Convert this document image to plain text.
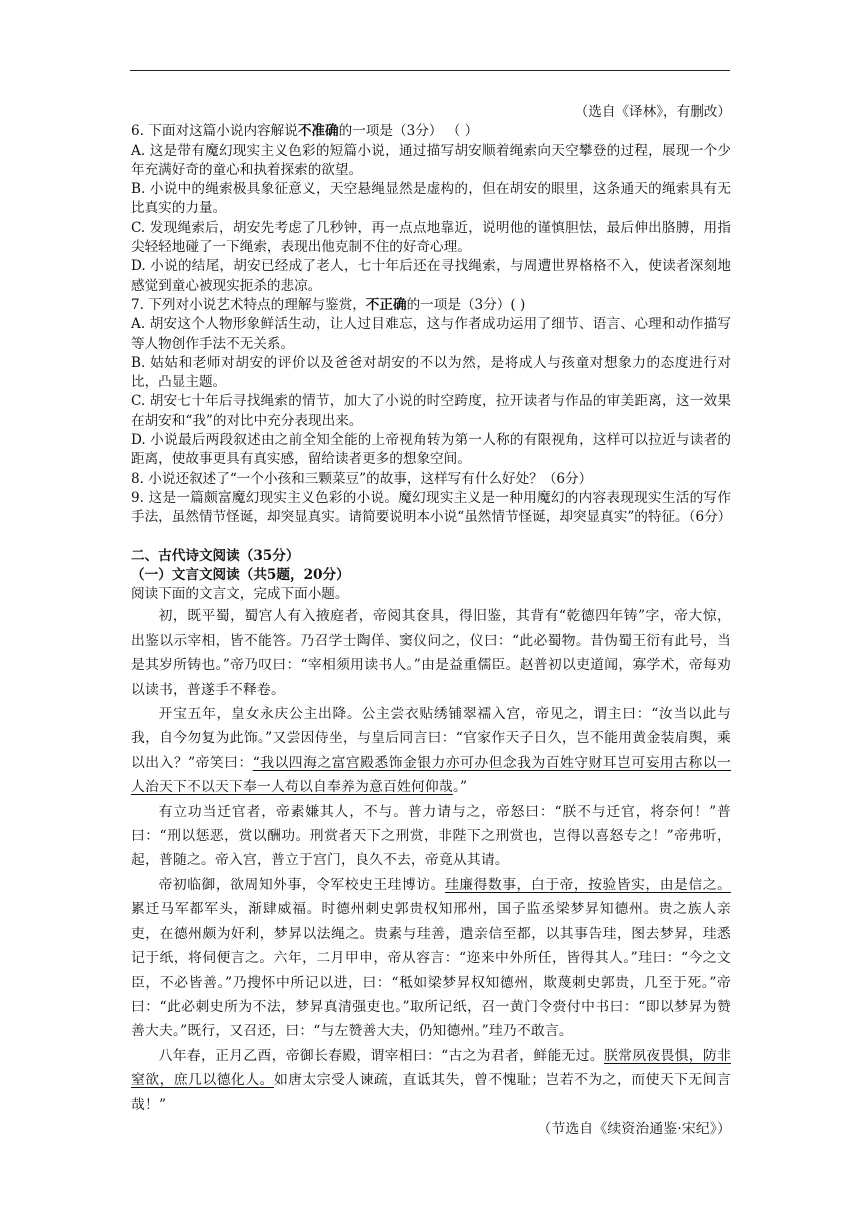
（选自《译林》，有删改）

6. 下面对这篇小说内容解说不准确的一项是（3分） （ ）

A. 这是带有魔幻现实主义色彩的短篇小说，通过描写胡安顺着绳索向天空攀登的过程，展现一个少年充满好奇的童心和执着探索的欲望。

B. 小说中的绳索极具象征意义，天空悬绳显然是虚构的，但在胡安的眼里，这条通天的绳索具有无比真实的力量。

C. 发现绳索后，胡安先考虑了几秒钟，再一点点地靠近，说明他的谨慎胆怯，最后伸出胳膊，用指尖轻轻地碰了一下绳索，表现出他克制不住的好奇心理。

D. 小说的结尾，胡安已经成了老人，七十年后还在寻找绳索，与周遭世界格格不入，使读者深刻地感觉到童心被现实扼杀的悲凉。

7. 下列对小说艺术特点的理解与鉴赏，不正确的一项是（3分）( )

A. 胡安这个人物形象鲜活生动，让人过目难忘，这与作者成功运用了细节、语言、心理和动作描写等人物创作手法不无关系。

B. 姑姑和老师对胡安的评价以及爸爸对胡安的不以为然，是将成人与孩童对想象力的态度进行对比，凸显主题。

C. 胡安七十年后寻找绳索的情节，加大了小说的时空跨度，拉开读者与作品的审美距离，这一效果在胡安和“我”的对比中充分表现出来。

D. 小说最后两段叙述由之前全知全能的上帝视角转为第一人称的有限视角，这样可以拉近与读者的距离，使故事更具有真实感，留给读者更多的想象空间。

8. 小说还叙述了“一个小孩和三颗菜豆”的故事，这样写有什么好处？（6分）

9. 这是一篇颇富魔幻现实主义色彩的小说。魔幻现实主义是一种用魔幻的内容表现现实生活的写作手法，虽然情节怪诞，却突显真实。请简要说明本小说“虽然情节怪诞，却突显真实”的特征。（6分）

二、古代诗文阅读（35分）

（一）文言文阅读（共5题，20分）

阅读下面的文言文，完成下面小题。

初，既平蜀，蜀宫人有入掖庭者，帝阅其奁具，得旧鉴，其背有“乾德四年铸”字，帝大惊，出鉴以示宰相，皆不能答。乃召学士陶佯、窦仪问之，仪曰：“此必蜀物。昔伪蜀王衍有此号，当是其岁所铸也。”帝乃叹曰：“宰相须用读书人。”由是益重儒臣。赵普初以吏道闻，寡学术，帝每劝以读书，普遂手不释卷。

开宝五年，皇女永庆公主出降。公主尝衣贴绣铺翠襦入宫，帝见之，谓主曰：“汝当以此与我，自今勿复为此饰。”又尝因侍坐，与皇后同言曰：“官家作天子日久，岂不能用黄金装肩舆，乘以出入？”帝笑曰：“我以四海之富宫殿悉饰金银力亦可办但念我为百姓守财耳岂可妄用古称以一人治天下不以天下奉一人苟以自奉养为意百姓何仰哉。”

有立功当迁官者，帝素嫌其人，不与。普力请与之，帝怒曰：“朕不与迁官，将奈何！”普曰：“刑以惩恶，赏以酬功。刑赏者天下之刑赏，非陛下之刑赏也，岂得以喜怒专之！”帝弗听，起，普随之。帝入宫，普立于宫门，良久不去，帝竟从其请。

帝初临御，欲周知外事，令军校史王珪博访。珪廉得数事，白于帝，按验皆实，由是信之。累迁马军都军头，渐肆威福。时德州刺史郭贵权知邢州，国子监丞梁梦昇知德州。贵之族人亲吏，在德州颇为奸利，梦昇以法绳之。贵素与珪善，遣亲信至都，以其事告珪，图去梦昇，珪悉记于纸，将伺便言之。六年，二月甲申，帝从容言：“迩来中外所任，皆得其人。”珪曰：“今之文臣，不必皆善。”乃搜怀中所记以进，曰：“秪如梁梦昇权知德州，欺蔑刺史郭贵，几至于死。”帝曰：“此必刺史所为不法，梦昇真清强吏也。”取所记纸，召一黄门令赍付中书曰：“即以梦昇为赞善大夫。”既行，又召还，曰：“与左赞善大夫，仍知德州。”珪乃不敢言。

八年春，正月乙酉，帝御长春殿，谓宰相曰：“古之为君者，鲜能无过。朕常夙夜畏惧，防非窒欲，庶几以德化人。如唐太宗受人谏疏，直诋其失，曾不愧耻；岂若不为之，而使天下无间言哉！”

（节选自《续资治通鉴·宋纪》）
